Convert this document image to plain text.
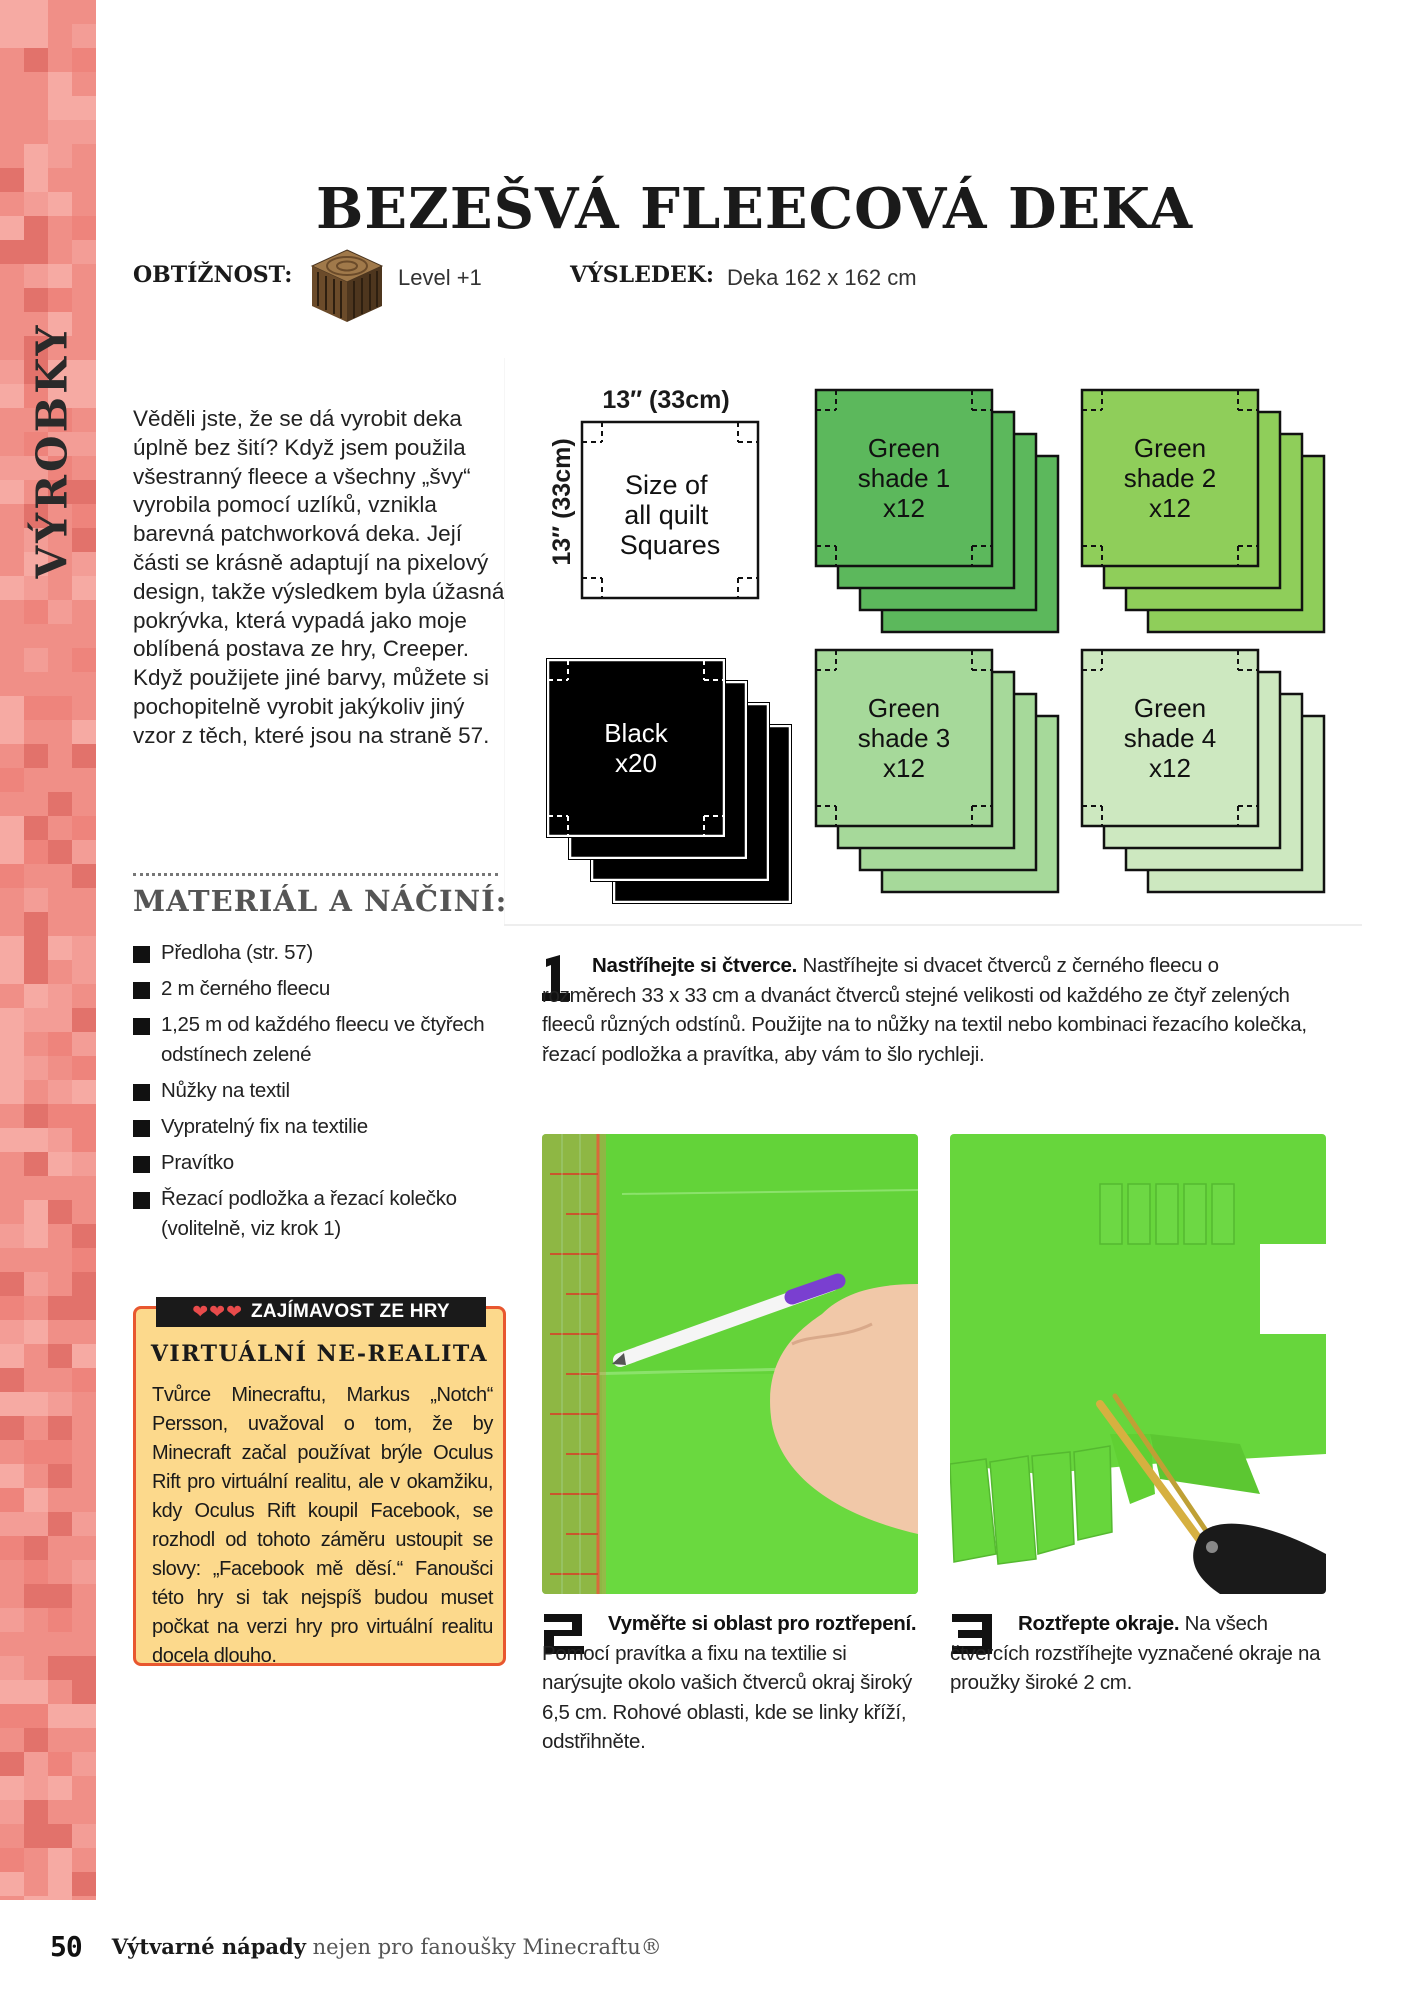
VÝROBKY
BEZEŠVÁ FLEECOVÁ DEKA
OBTÍŽNOST:	Level +1	VÝSLEDEK: Deka 162 x 162 cm

Věděli jste, že se dá vyrobit deka úplně bez šití? Když jsem použila všestranný fleece a všechny „švy“ vyrobila pomocí uzlíků, vznikla barevná patchworková deka. Její části se krásně adaptují na pixelový design, takže výsledkem byla úžasná pokrývka, která vypadá jako moje oblíbená postava ze hry, Creeper. Když použijete jiné barvy, můžete si pochopitelně vyrobit jakýkoliv jiný vzor z těch, které jsou na straně 57.

13″ (33cm)
13″ (33cm) Size of all quilt Squares
Green shade 1 x12
Green shade 2 x12
Black x20
Green shade 3 x12
Green shade 4 x12
MATERIÁL A NÁČINÍ:
Předloha (str. 57)
2 m černého fleecu
1,25 m od každého fleecu ve čtyřech odstínech zelené
Nůžky na textil
Vypratelný fix na textilie
Pravítko
Řezací podložka a řezací kolečko (volitelně, viz krok 1)
❤❤❤ ZAJÍMAVOST ZE HRY
VIRTUÁLNÍ NE-REALITA

Tvůrce Minecraftu, Markus „Notch“ Persson, uvažoval o tom, že by Minecraft začal používat brýle Oculus Rift pro virtuální realitu, ale v okamžiku, kdy Oculus Rift koupil Facebook, se rozhodl od tohoto záměru ustoupit se slovy: „Facebook mě děsí.“ Fanoušci této hry si tak nejspíš budou muset počkat na verzi hry pro virtuální realitu docela dlouho.

Nastříhejte si čtverce. Nastříhejte si dvacet čtverců z černého fleecu o rozměrech 33 x 33 cm a dvanáct čtverců stejné velikosti od každého ze čtyř zelených fleeců různých odstínů. Použijte na to nůžky na textil nebo kombinaci řezacího kolečka, řezací podložka a pravítka, aby vám to šlo rychleji.

Vyměřte si oblast pro roztřepení. Pomocí pravítka a fixu na textilie si narýsujte okolo vašich čtverců okraj široký 6,5 cm. Rohové oblasti, kde se linky kříží, odstřihněte.

Roztřepte okraje. Na všech čtvercích rozstříhejte vyznačené okraje na proužky široké 2 cm.

50 Výtvarné nápady nejen pro fanoušky Minecraftu®
